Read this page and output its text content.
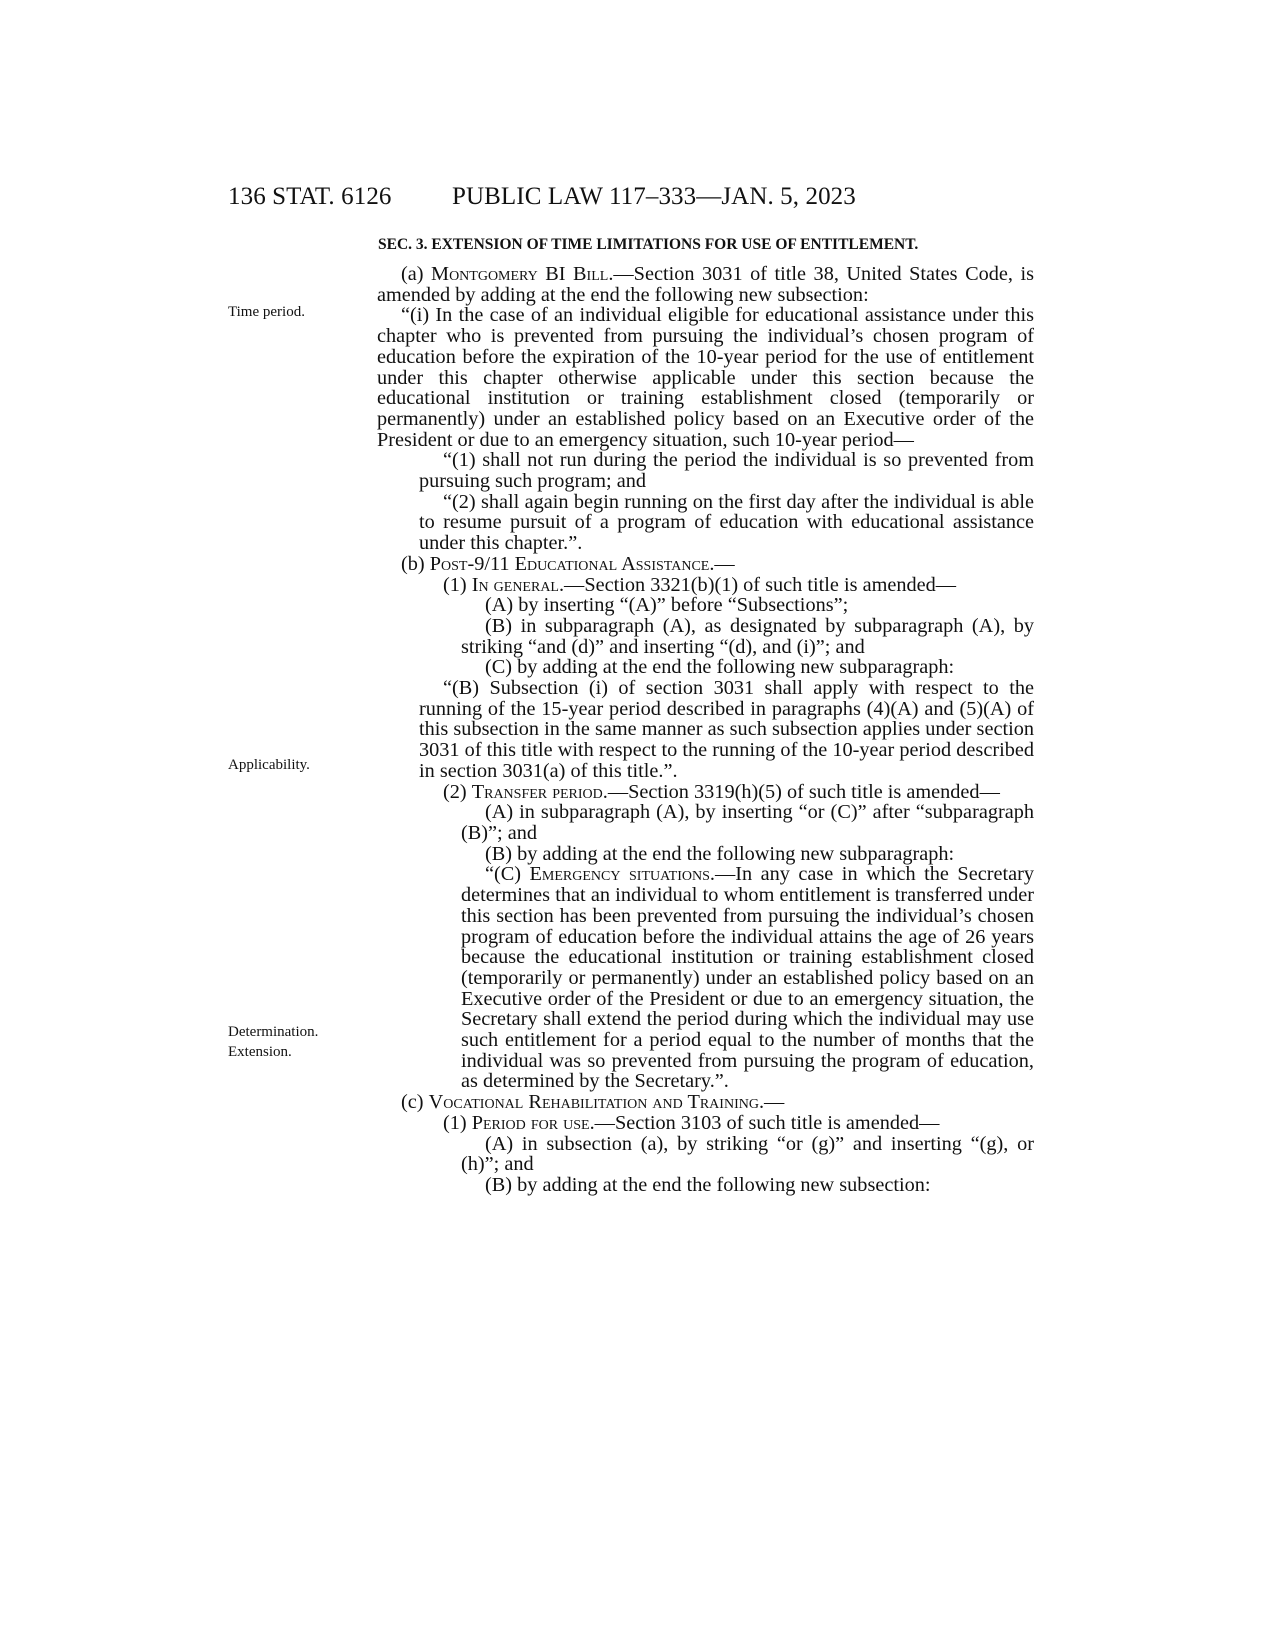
136 STAT. 6126 PUBLIC LAW 117–333—JAN. 5, 2023
Time period.
Applicability.
Determination.
Extension.
SEC. 3. EXTENSION OF TIME LIMITATIONS FOR USE OF ENTITLEMENT.

(a) Montgomery BI Bill.—Section 3031 of title 38, United States Code, is amended by adding at the end the following new subsection:

“(i) In the case of an individual eligible for educational assistance under this chapter who is prevented from pursuing the individual’s chosen program of education before the expiration of the 10-year period for the use of entitlement under this chapter otherwise applicable under this section because the educational institution or training establishment closed (temporarily or permanently) under an established policy based on an Executive order of the President or due to an emergency situation, such 10-year period—

“(1) shall not run during the period the individual is so prevented from pursuing such program; and

“(2) shall again begin running on the first day after the individual is able to resume pursuit of a program of education with educational assistance under this chapter.”.

(b) Post-9/11 Educational Assistance.—

(1) In general.—Section 3321(b)(1) of such title is amended—

(A) by inserting “(A)” before “Subsections”;

(B) in subparagraph (A), as designated by subparagraph (A), by striking “and (d)” and inserting “(d), and (i)”; and

(C) by adding at the end the following new subparagraph:

“(B) Subsection (i) of section 3031 shall apply with respect to the running of the 15-year period described in paragraphs (4)(A) and (5)(A) of this subsection in the same manner as such subsection applies under section 3031 of this title with respect to the running of the 10-year period described in section 3031(a) of this title.”.

(2) Transfer period.—Section 3319(h)(5) of such title is amended—

(A) in subparagraph (A), by inserting “or (C)” after “subparagraph (B)”; and

(B) by adding at the end the following new subparagraph:

“(C) Emergency situations.—In any case in which the Secretary determines that an individual to whom entitlement is transferred under this section has been prevented from pursuing the individual’s chosen program of education before the individual attains the age of 26 years because the educational institution or training establishment closed (temporarily or permanently) under an established policy based on an Executive order of the President or due to an emergency situation, the Secretary shall extend the period during which the individual may use such entitlement for a period equal to the number of months that the individual was so prevented from pursuing the program of education, as determined by the Secretary.”.

(c) Vocational Rehabilitation and Training.—

(1) Period for use.—Section 3103 of such title is amended—

(A) in subsection (a), by striking “or (g)” and inserting “(g), or (h)”; and

(B) by adding at the end the following new subsection:
